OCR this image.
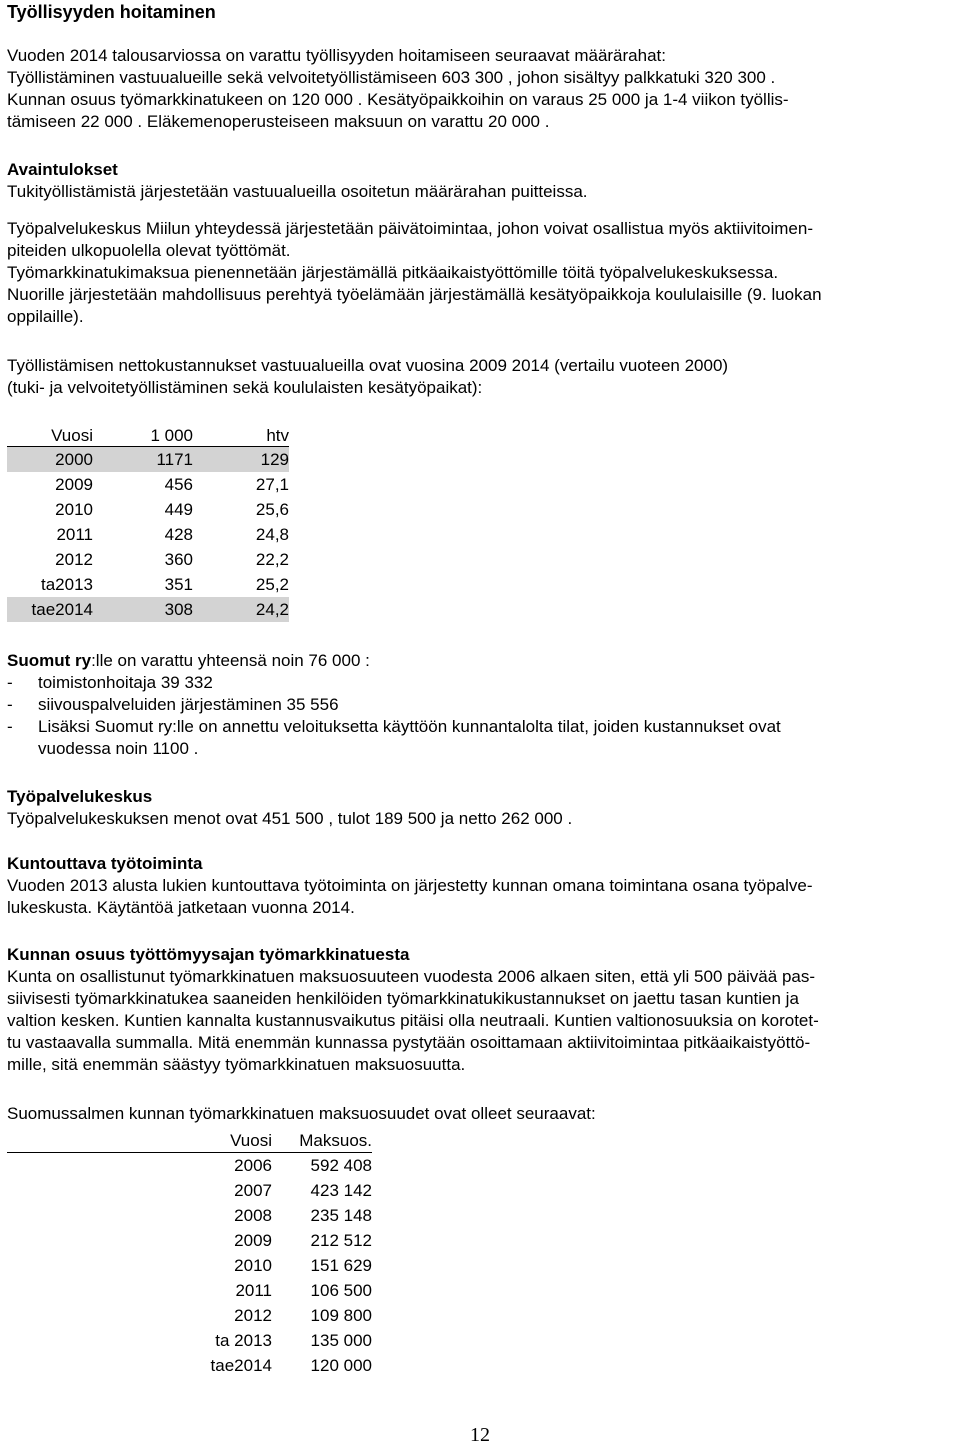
Työllisyyden hoitaminen

Vuoden 2014 talousarviossa on varattu työllisyyden hoitamiseen seuraavat määrärahat:

Työllistäminen vastuualueille sekä velvoitetyöllistämiseen 603 300 , johon sisältyy palkkatuki 320 300 .

Kunnan osuus työmarkkinatukeen on 120 000 . Kesätyöpaikkoihin on varaus 25 000 ja 1-4 viikon työllis-

tämiseen 22 000 . Eläkemenoperusteiseen maksuun on varattu 20 000 .

Avaintulokset

Tukityöllistämistä järjestetään vastuualueilla osoitetun määrärahan puitteissa.

Työpalvelukeskus Miilun yhteydessä järjestetään päivätoimintaa, johon voivat osallistua myös aktiivitoimen-

piteiden ulkopuolella olevat työttömät.

Työmarkkinatukimaksua pienennetään järjestämällä pitkäaikaistyöttömille töitä työpalvelukeskuksessa.

Nuorille järjestetään mahdollisuus perehtyä työelämään järjestämällä kesätyöpaikkoja koululaisille (9. luokan

oppilaille).

Työllistämisen nettokustannukset vastuualueilla ovat vuosina 2009 2014 (vertailu vuoteen 2000)

(tuki- ja velvoitetyöllistäminen sekä koululaisten kesätyöpaikat):

Vuosi	1 000	htv
2000	1171	129
2009	456	27,1
2010	449	25,6
2011	428	24,8
2012	360	22,2
ta2013	351	25,2
tae2014	308	24,2

Suomut ry:lle on varattu yhteensä noin 76 000 :

- toimistonhoitaja 39 332
- siivouspalveluiden järjestäminen 35 556
- Lisäksi Suomut ry:lle on annettu veloituksetta käyttöön kunnantalolta tilat, joiden kustannukset ovat
vuodessa noin 1100 .

Työpalvelukeskus

Työpalvelukeskuksen menot ovat 451 500 , tulot 189 500 ja netto 262 000 .

Kuntouttava työtoiminta

Vuoden 2013 alusta lukien kuntouttava työtoiminta on järjestetty kunnan omana toimintana osana työpalve-

lukeskusta. Käytäntöä jatketaan vuonna 2014.

Kunnan osuus työttömyysajan työmarkkinatuesta

Kunta on osallistunut työmarkkinatuen maksuosuuteen vuodesta 2006 alkaen siten, että yli 500 päivää pas-

siivisesti työmarkkinatukea saaneiden henkilöiden työmarkkinatukikustannukset on jaettu tasan kuntien ja

valtion kesken. Kuntien kannalta kustannusvaikutus pitäisi olla neutraali. Kuntien valtionosuuksia on korotet-

tu vastaavalla summalla. Mitä enemmän kunnassa pystytään osoittamaan aktiivitoimintaa pitkäaikaistyöttö-

mille, sitä enemmän säästyy työmarkkinatuen maksuosuutta.

Suomussalmen kunnan työmarkkinatuen maksuosuudet ovat olleet seuraavat:

Vuosi	Maksuos.
2006	592 408
2007	423 142
2008	235 148
2009	212 512
2010	151 629
2011	106 500
2012	109 800
ta 2013	135 000
tae2014	120 000
12
